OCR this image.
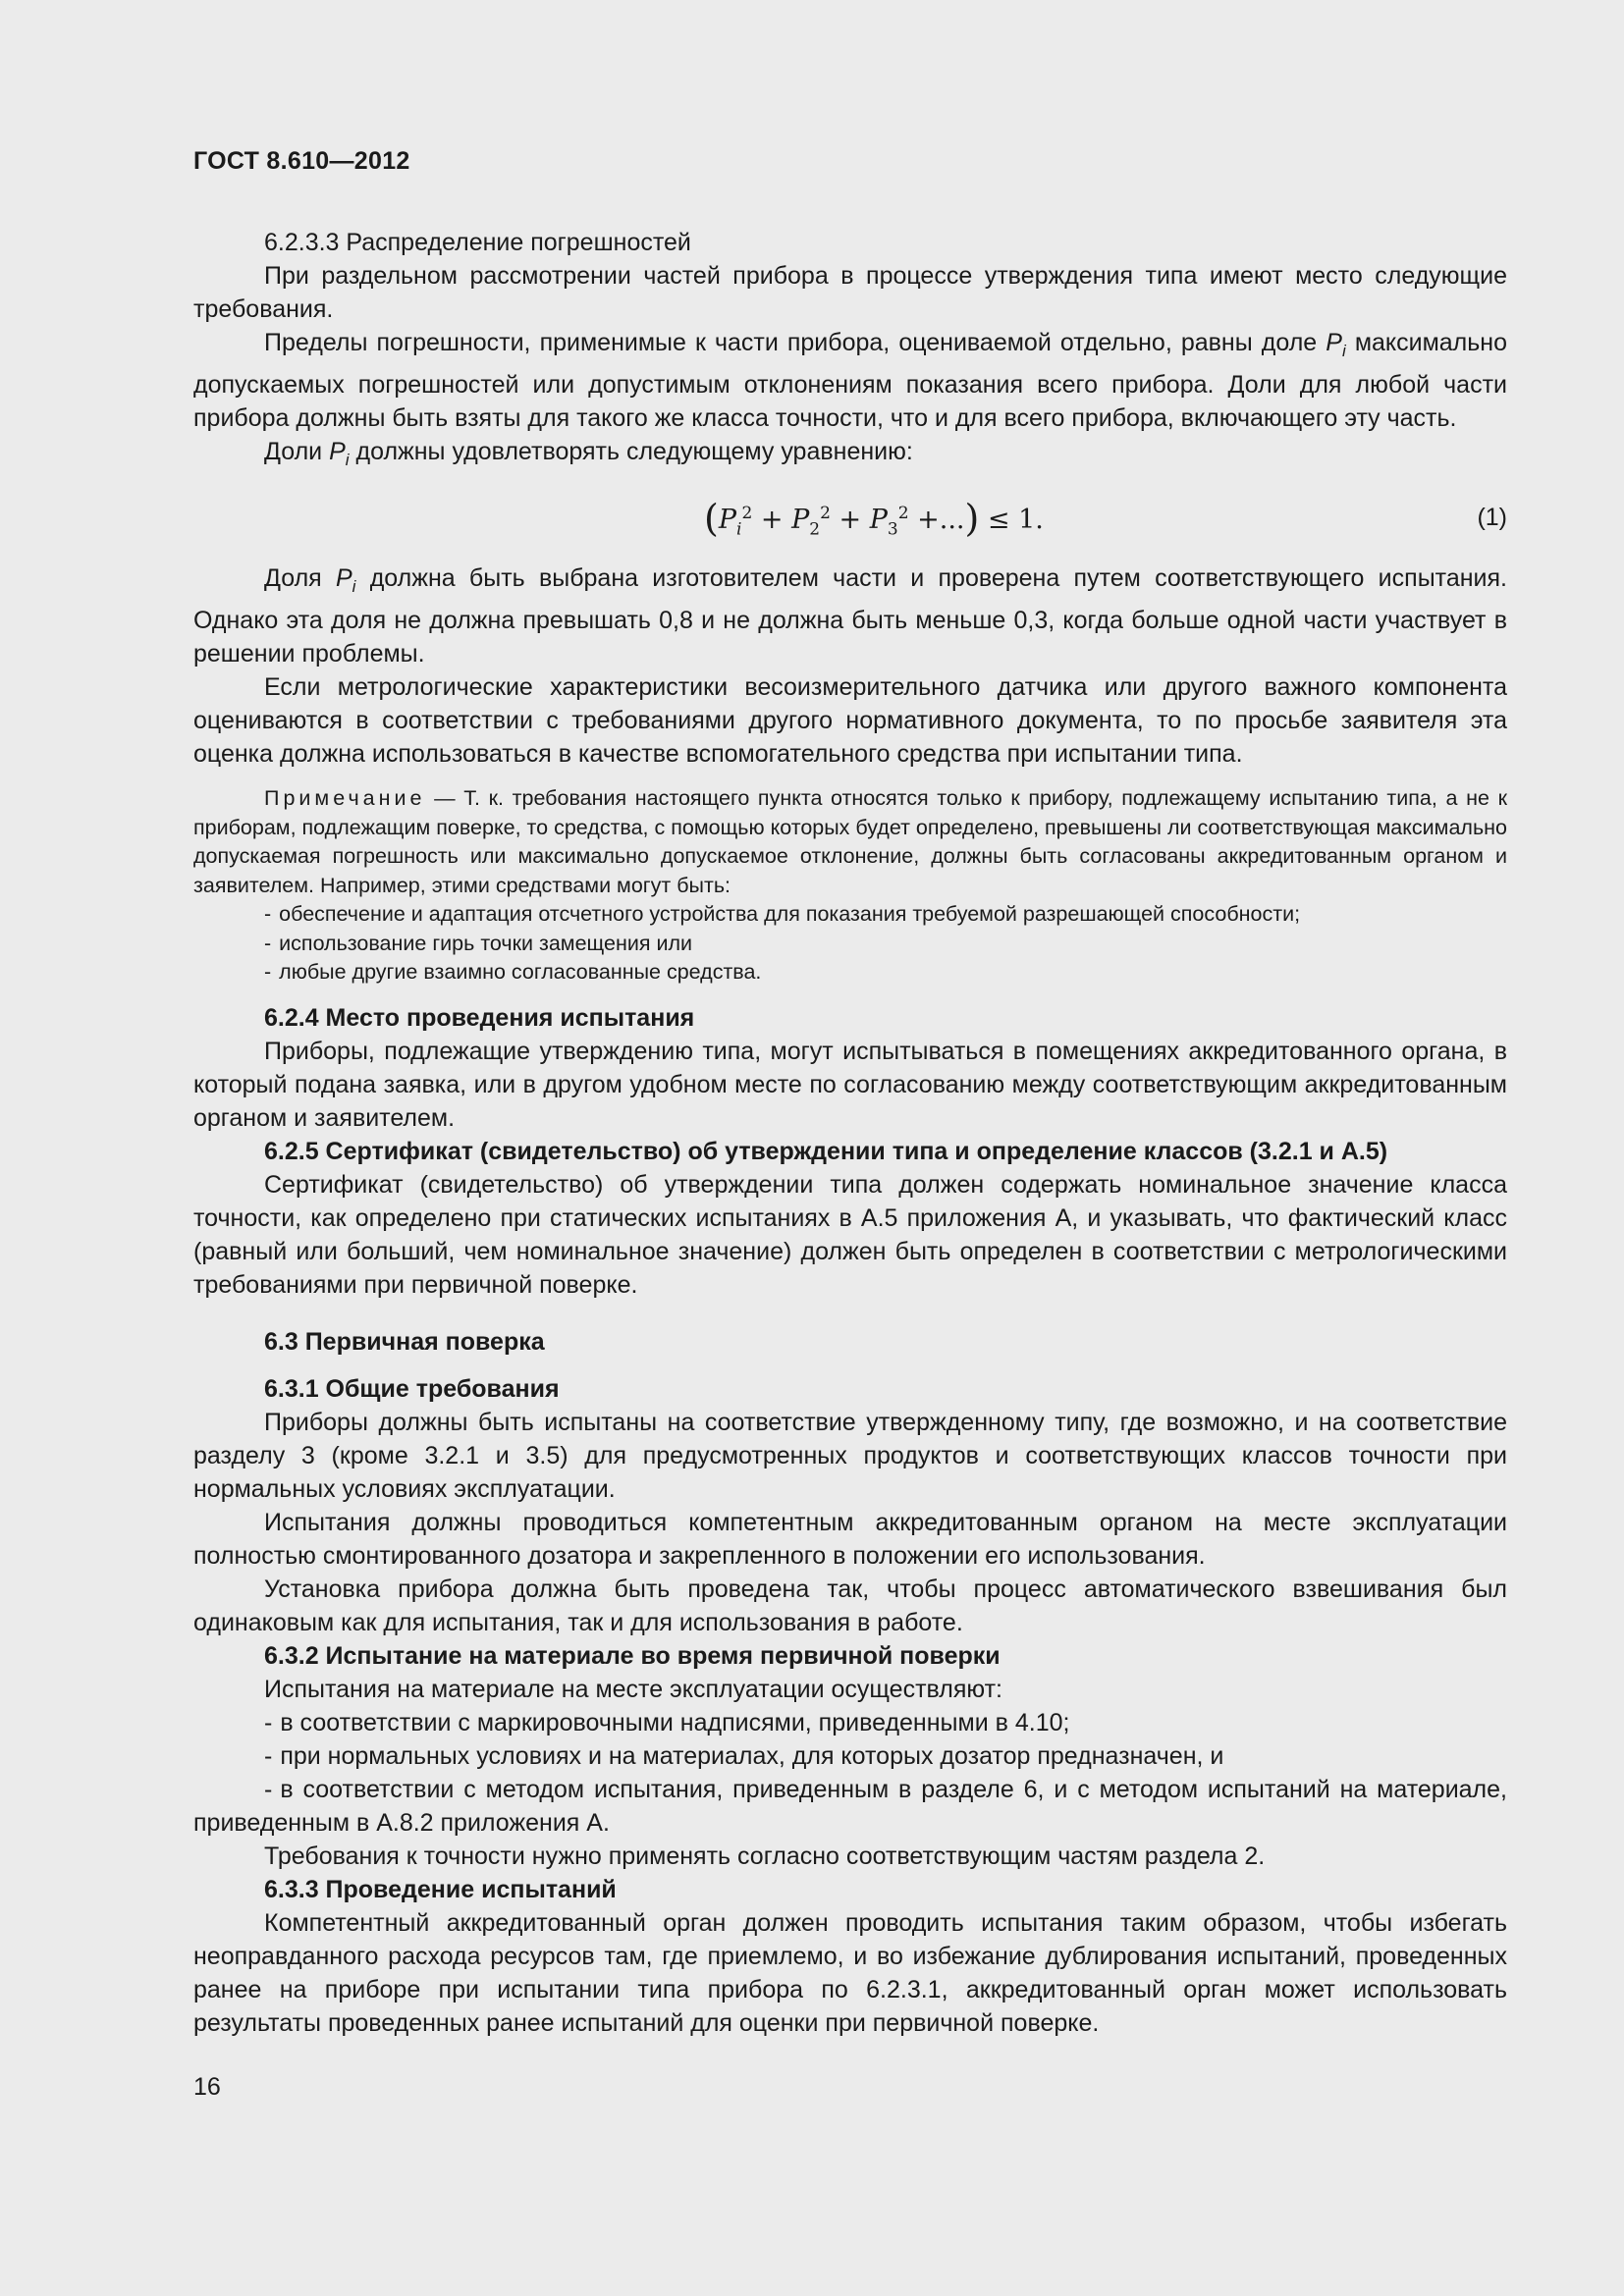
ГОСТ 8.610—2012

6.2.3.3 Распределение погрешностей

При раздельном рассмотрении частей прибора в процессе утверждения типа имеют место следующие требования.

Пределы погрешности, применимые к части прибора, оцениваемой отдельно, равны доле $P_i$ максимально допускаемых погрешностей или допустимым отклонениям показания всего прибора. Доли для любой части прибора должны быть взяты для такого же класса точности, что и для всего прибора, включающего эту часть.

Доли $P_i$ должны удовлетворять следующему уравнению:

($P_i^2 + P_2^2 + P_3^2$ +...) ≤ 1.	(1)

Доля $P_i$ должна быть выбрана изготовителем части и проверена путем соответствующего испытания. Однако эта доля не должна превышать 0,8 и не должна быть меньше 0,3, когда больше одной части участвует в решении проблемы.

Если метрологические характеристики весоизмерительного датчика или другого важного компонента оцениваются в соответствии с требованиями другого нормативного документа, то по просьбе заявителя эта оценка должна использоваться в качестве вспомогательного средства при испытании типа.

Примечание — Т. к. требования настоящего пункта относятся только к прибору, подлежащему испытанию типа, а не к приборам, подлежащим поверке, то средства, с помощью которых будет определено, превышены ли соответствующая максимально допускаемая погрешность или максимально допускаемое отклонение, должны быть согласованы аккредитованным органом и заявителем. Например, этими средствами могут быть:

- обеспечение и адаптация отсчетного устройства для показания требуемой разрешающей способности;
- использование гирь точки замещения или
- любые другие взаимно согласованные средства.

6.2.4 Место проведения испытания

Приборы, подлежащие утверждению типа, могут испытываться в помещениях аккредитованного органа, в который подана заявка, или в другом удобном месте по согласованию между соответствующим аккредитованным органом и заявителем.

6.2.5 Сертификат (свидетельство) об утверждении типа и определение классов (3.2.1 и А.5)

Сертификат (свидетельство) об утверждении типа должен содержать номинальное значение класса точности, как определено при статических испытаниях в А.5 приложения А, и указывать, что фактический класс (равный или больший, чем номинальное значение) должен быть определен в соответствии с метрологическими требованиями при первичной поверке.

6.3 Первичная поверка

6.3.1 Общие требования

Приборы должны быть испытаны на соответствие утвержденному типу, где возможно, и на соответствие разделу 3 (кроме 3.2.1 и 3.5) для предусмотренных продуктов и соответствующих классов точности при нормальных условиях эксплуатации.

Испытания должны проводиться компетентным аккредитованным органом на месте эксплуатации полностью смонтированного дозатора и закрепленного в положении его использования.

Установка прибора должна быть проведена так, чтобы процесс автоматического взвешивания был одинаковым как для испытания, так и для использования в работе.

6.3.2 Испытание на материале во время первичной поверки

Испытания на материале на месте эксплуатации осуществляют:

- в соответствии с маркировочными надписями, приведенными в 4.10;
- при нормальных условиях и на материалах, для которых дозатор предназначен, и
- в соответствии с методом испытания, приведенным в разделе 6, и с методом испытаний на материале, приведенным в А.8.2 приложения А.

Требования к точности нужно применять согласно соответствующим частям раздела 2.

6.3.3 Проведение испытаний

Компетентный аккредитованный орган должен проводить испытания таким образом, чтобы избегать неоправданного расхода ресурсов там, где приемлемо, и во избежание дублирования испытаний, проведенных ранее на приборе при испытании типа прибора по 6.2.3.1, аккредитованный орган может использовать результаты проведенных ранее испытаний для оценки при первичной поверке.

16
